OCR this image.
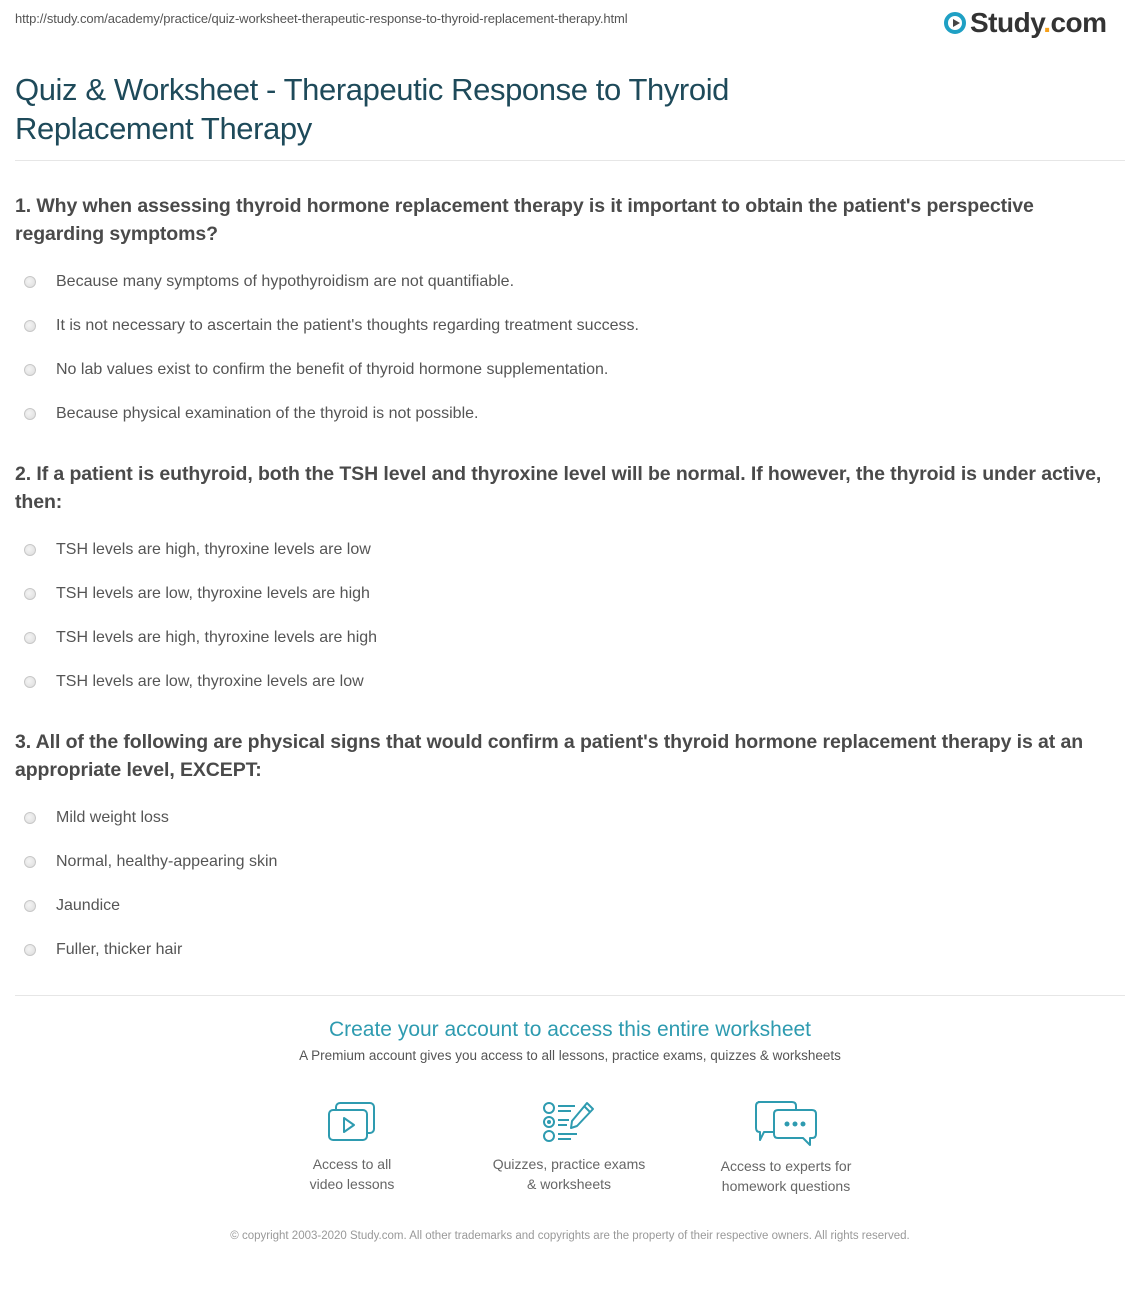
http://study.com/academy/practice/quiz-worksheet-therapeutic-response-to-thyroid-replacement-therapy.html	Study.com
Quiz & Worksheet - Therapeutic Response to Thyroid Replacement Therapy
1. Why when assessing thyroid hormone replacement therapy is it important to obtain the patient's perspective regarding symptoms?
Because many symptoms of hypothyroidism are not quantifiable.
It is not necessary to ascertain the patient's thoughts regarding treatment success.
No lab values exist to confirm the benefit of thyroid hormone supplementation.
Because physical examination of the thyroid is not possible.
2. If a patient is euthyroid, both the TSH level and thyroxine level will be normal. If however, the thyroid is under active, then:
TSH levels are high, thyroxine levels are low
TSH levels are low, thyroxine levels are high
TSH levels are high, thyroxine levels are high
TSH levels are low, thyroxine levels are low
3. All of the following are physical signs that would confirm a patient's thyroid hormone replacement therapy is at an appropriate level, EXCEPT:
Mild weight loss
Normal, healthy-appearing skin
Jaundice
Fuller, thicker hair
Create your account to access this entire worksheet
A Premium account gives you access to all lessons, practice exams, quizzes & worksheets
Access to all
video lessons
Quizzes, practice exams
& worksheets
Access to experts for
homework questions
© copyright 2003-2020 Study.com. All other trademarks and copyrights are the property of their respective owners. All rights reserved.
